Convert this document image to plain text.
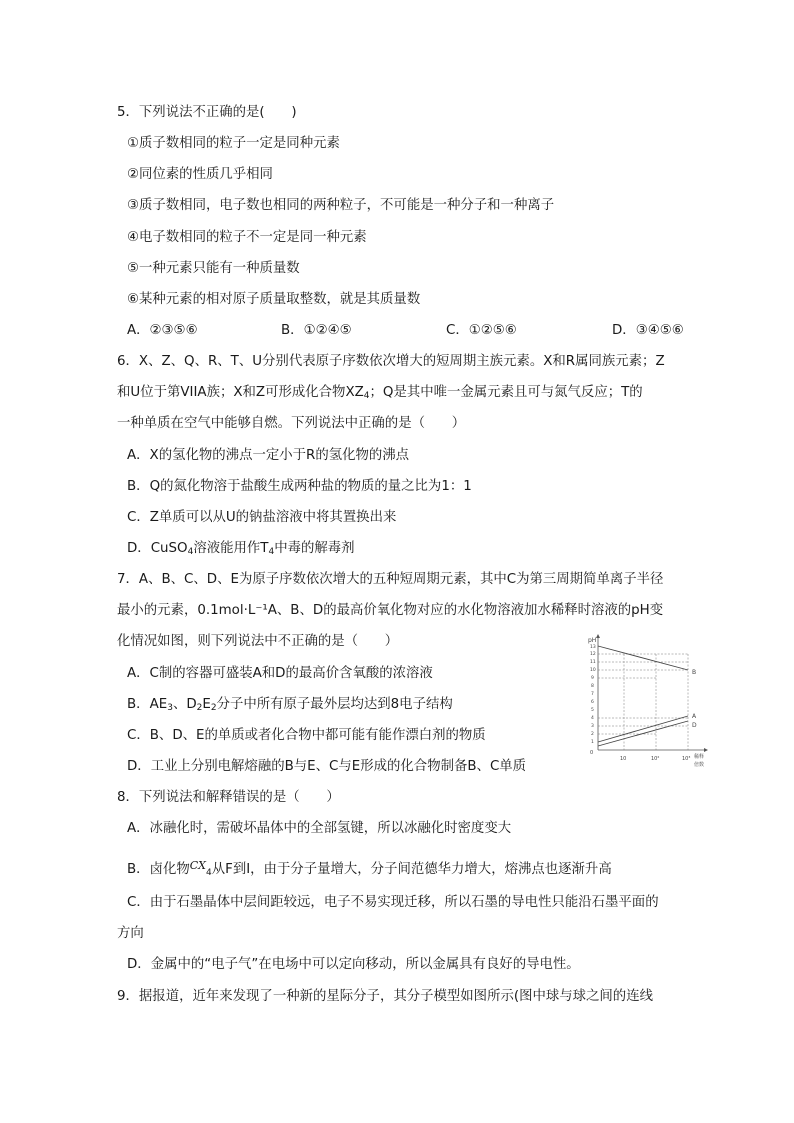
5．下列说法不正确的是(　　)
①质子数相同的粒子一定是同种元素
②同位素的性质几乎相同
③质子数相同，电子数也相同的两种粒子，不可能是一种分子和一种离子
④电子数相同的粒子不一定是同一种元素
⑤一种元素只能有一种质量数
⑥某种元素的相对原子质量取整数，就是其质量数
A．②③⑤⑥	B．①②④⑤	C．①②⑤⑥	D．③④⑤⑥
6．X、Z、Q、R、T、U分别代表原子序数依次增大的短周期主族元素。X和R属同族元素；Z
和U位于第VIIA族；X和Z可形成化合物$XZ_4$；Q是其中唯一金属元素且可与氮气反应；T的
一种单质在空气中能够自燃。下列说法中正确的是（　　）
A．X的氢化物的沸点一定小于R的氢化物的沸点
B．Q的氮化物溶于盐酸生成两种盐的物质的量之比为1：1
C．Z单质可以从U的钠盐溶液中将其置换出来
D．CuSO$_4$溶液能用作$T_4$中毒的解毒剂
7．A、B、C、D、E为原子序数依次增大的五种短周期元素，其中C为第三周期简单离子半径
最小的元素，0.1mol·L⁻¹A、B、D的最高价氧化物对应的水化物溶液加水稀释时溶液的pH变
化情况如图，则下列说法中不正确的是（　　）
A．C制的容器可盛装A和D的最高价含氧酸的浓溶液
B．$AE_3$、$D_2E_2$分子中所有原子最外层均达到8电子结构
C．B、D、E的单质或者化合物中都可能有能作漂白剂的物质
D．工业上分别电解熔融的B与E、C与E形成的化合物制备B、C单质
pH
13
12
11
10
9
8
7
6
5
4
3
2
1
0
B
A
D
10	10²	10³ 稀释
倍数
8．下列说法和解释错误的是（　　）
A．冰融化时，需破坏晶体中的全部氢键，所以冰融化时密度变大
B．卤化物$^{CX}_4$从F到I，由于分子量增大，分子间范德华力增大，熔沸点也逐渐升高
C．由于石墨晶体中层间距较远，电子不易实现迁移，所以石墨的导电性只能沿石墨平面的
方向
D．金属中的“电子气”在电场中可以定向移动，所以金属具有良好的导电性。
9．据报道，近年来发现了一种新的星际分子，其分子模型如图所示(图中球与球之间的连线
